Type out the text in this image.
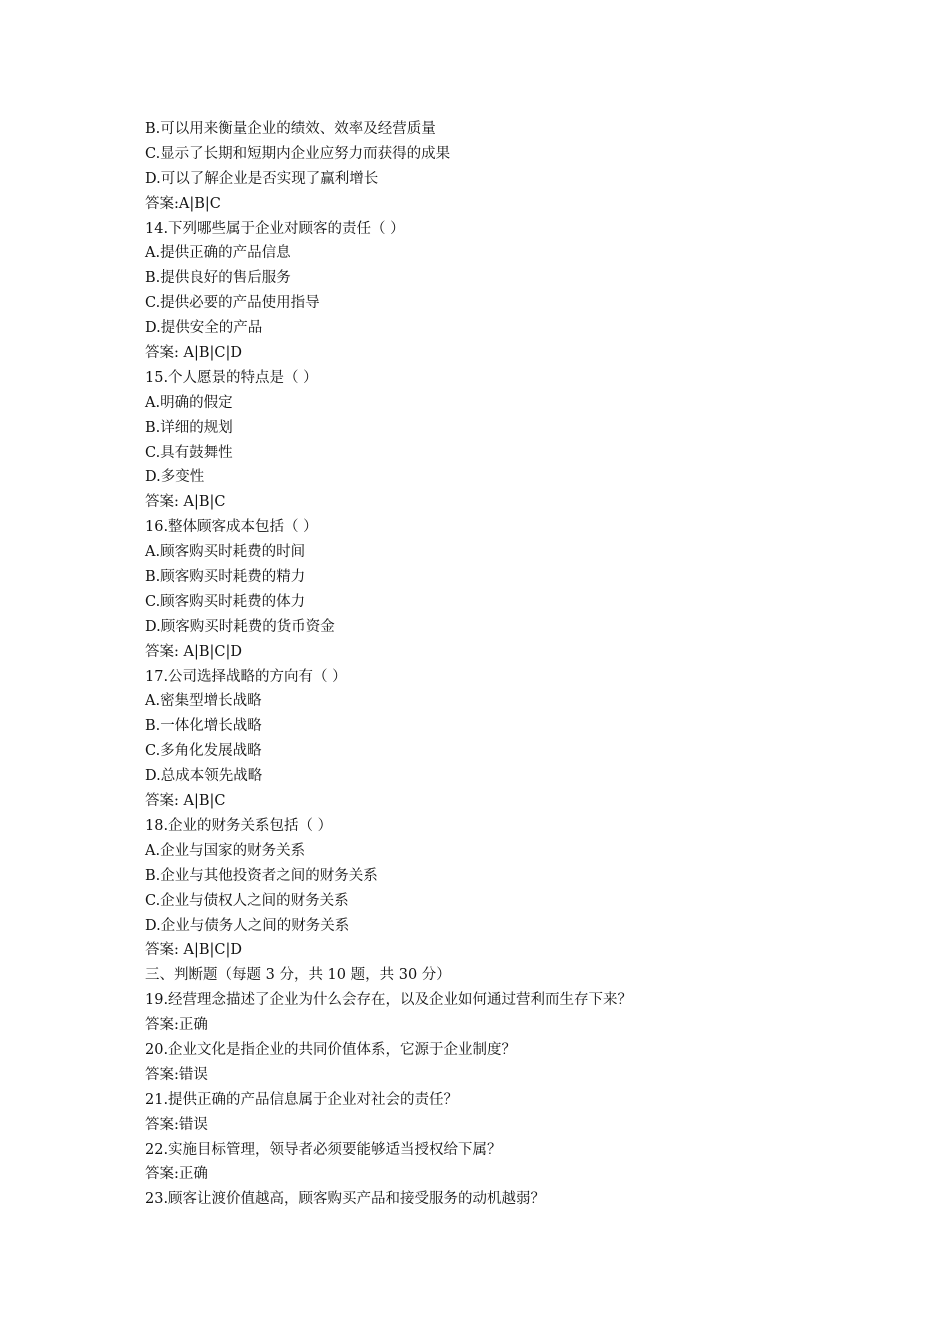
B.可以用来衡量企业的绩效、效率及经营质量
C.显示了长期和短期内企业应努力而获得的成果
D.可以了解企业是否实现了赢利增长
答案:A|B|C
14.下列哪些属于企业对顾客的责任（ ）
A.提供正确的产品信息
B.提供良好的售后服务
C.提供必要的产品使用指导
D.提供安全的产品
答案: A|B|C|D
15.个人愿景的特点是（ ）
A.明确的假定
B.详细的规划
C.具有鼓舞性
D.多变性
答案: A|B|C
16.整体顾客成本包括（ ）
A.顾客购买时耗费的时间
B.顾客购买时耗费的精力
C.顾客购买时耗费的体力
D.顾客购买时耗费的货币资金
答案: A|B|C|D
17.公司选择战略的方向有（ ）
A.密集型增长战略
B.一体化增长战略
C.多角化发展战略
D.总成本领先战略
答案: A|B|C
18.企业的财务关系包括（ ）
A.企业与国家的财务关系
B.企业与其他投资者之间的财务关系
C.企业与债权人之间的财务关系
D.企业与债务人之间的财务关系
答案: A|B|C|D
三、判断题（每题 3 分，共 10 题，共 30 分）
19.经营理念描述了企业为什么会存在，以及企业如何通过营利而生存下来？
答案:正确
20.企业文化是指企业的共同价值体系，它源于企业制度？
答案:错误
21.提供正确的产品信息属于企业对社会的责任？
答案:错误
22.实施目标管理，领导者必须要能够适当授权给下属？
答案:正确
23.顾客让渡价值越高，顾客购买产品和接受服务的动机越弱？
